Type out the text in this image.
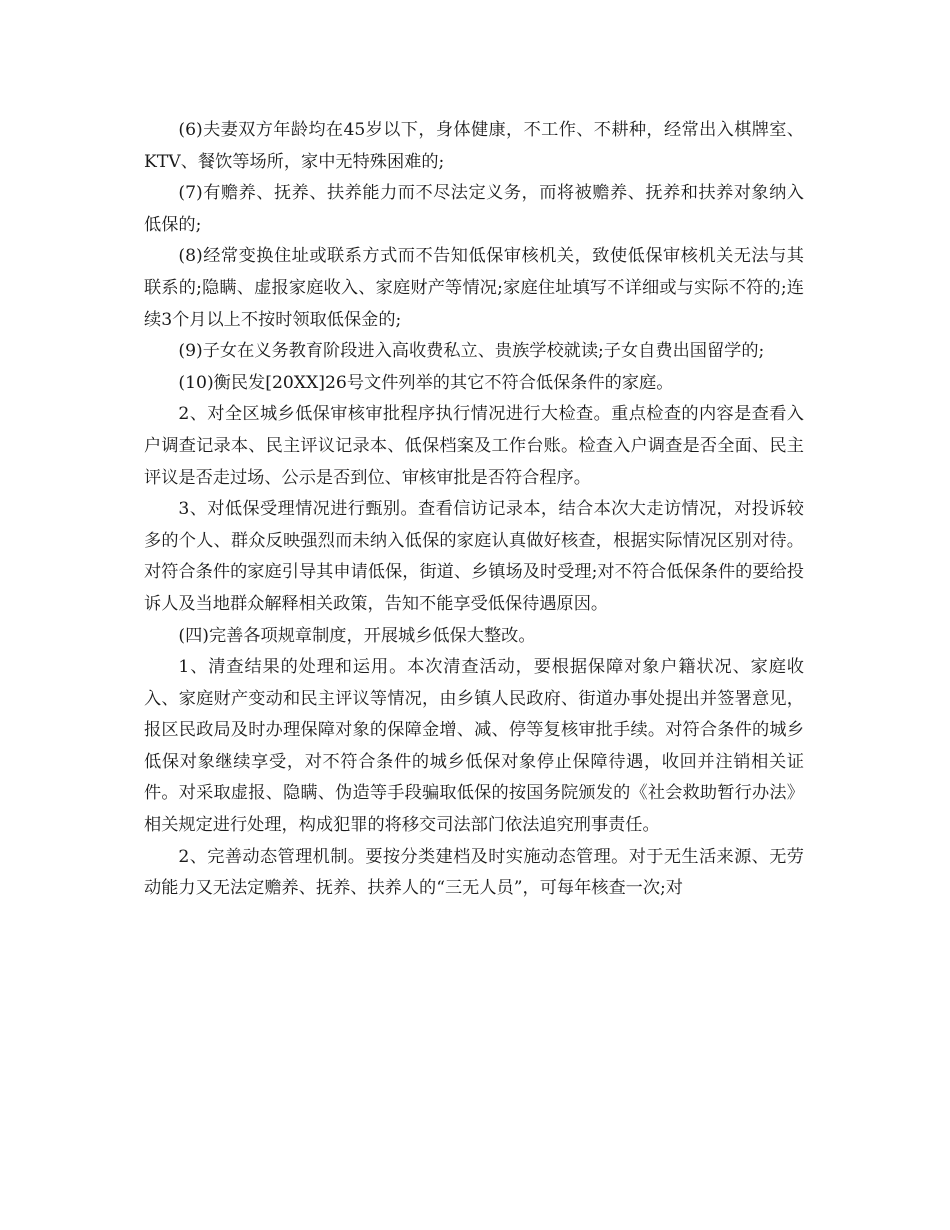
(6)夫妻双方年龄均在45岁以下，身体健康，不工作、不耕种，经常出入棋牌室、KTV、餐饮等场所，家中无特殊困难的;

(7)有赡养、抚养、扶养能力而不尽法定义务，而将被赡养、抚养和扶养对象纳入低保的;

(8)经常变换住址或联系方式而不告知低保审核机关，致使低保审核机关无法与其联系的;隐瞒、虚报家庭收入、家庭财产等情况;家庭住址填写不详细或与实际不符的;连续3个月以上不按时领取低保金的;

(9)子女在义务教育阶段进入高收费私立、贵族学校就读;子女自费出国留学的;

(10)衡民发[20XX]26号文件列举的其它不符合低保条件的家庭。

2、对全区城乡低保审核审批程序执行情况进行大检查。重点检查的内容是查看入户调查记录本、民主评议记录本、低保档案及工作台账。检查入户调查是否全面、民主评议是否走过场、公示是否到位、审核审批是否符合程序。

3、对低保受理情况进行甄别。查看信访记录本，结合本次大走访情况，对投诉较多的个人、群众反映强烈而未纳入低保的家庭认真做好核查，根据实际情况区别对待。对符合条件的家庭引导其申请低保，街道、乡镇场及时受理;对不符合低保条件的要给投诉人及当地群众解释相关政策，告知不能享受低保待遇原因。

(四)完善各项规章制度，开展城乡低保大整改。

1、清查结果的处理和运用。本次清查活动，要根据保障对象户籍状况、家庭收入、家庭财产变动和民主评议等情况，由乡镇人民政府、街道办事处提出并签署意见，报区民政局及时办理保障对象的保障金增、减、停等复核审批手续。对符合条件的城乡低保对象继续享受，对不符合条件的城乡低保对象停止保障待遇，收回并注销相关证件。对采取虚报、隐瞒、伪造等手段骗取低保的按国务院颁发的《社会救助暂行办法》相关规定进行处理，构成犯罪的将移交司法部门依法追究刑事责任。

2、完善动态管理机制。要按分类建档及时实施动态管理。对于无生活来源、无劳动能力又无法定赡养、抚养、扶养人的“三无人员”，可每年核查一次;对
